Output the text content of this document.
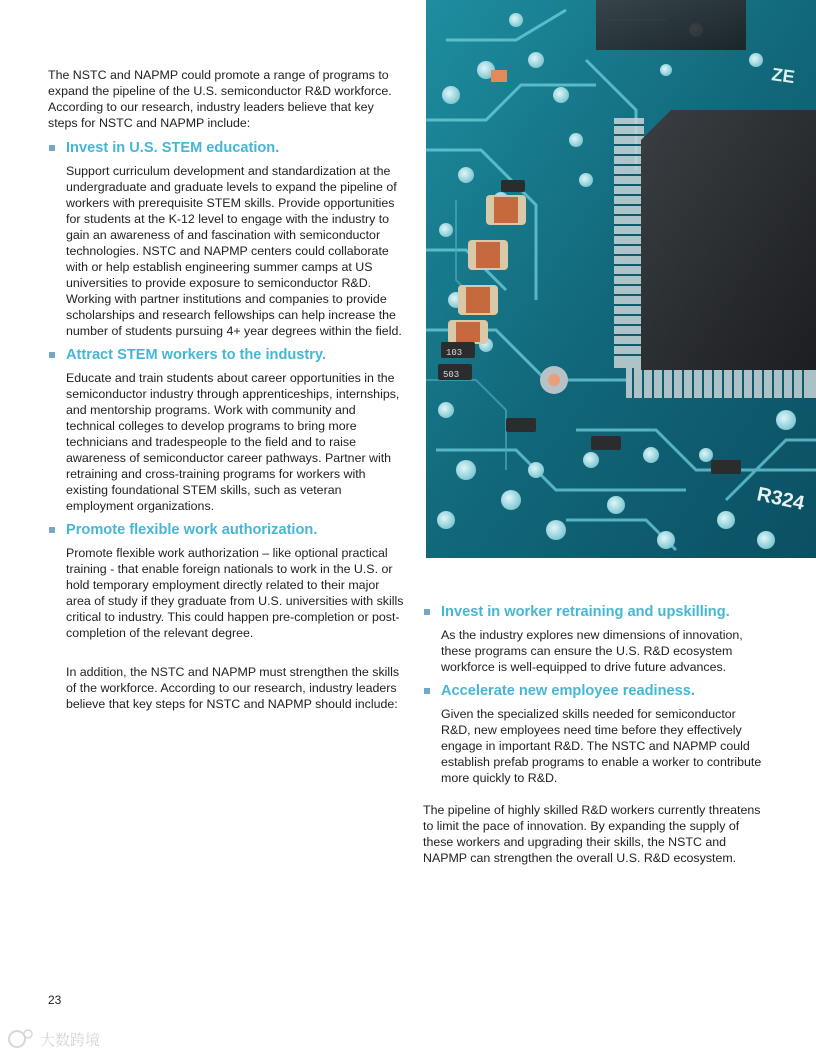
The NSTC and NAPMP could promote a range of programs to expand the pipeline of the U.S. semiconductor R&D workforce. According to our research, industry leaders believe that key steps for NSTC and NAPMP include:

Invest in U.S. STEM education.

Support curriculum development and standardization at the undergraduate and graduate levels to expand the pipeline of workers with prerequisite STEM skills. Provide opportunities for students at the K-12 level to engage with the industry to gain an awareness of and fascination with semiconductor technologies. NSTC and NAPMP centers could collaborate with or help establish engineering summer camps at US universities to provide exposure to semiconductor R&D. Working with partner institutions and companies to provide scholarships and research fellowships can help increase the number of students pursuing 4+ year degrees within the field.

Attract STEM workers to the industry.

Educate and train students about career opportunities in the semiconductor industry through apprenticeships, internships, and mentorship programs. Work with community and technical colleges to develop programs to bring more technicians and tradespeople to the field and to raise awareness of semiconductor career pathways. Partner with retraining and cross-training programs for workers with existing foundational STEM skills, such as veteran employment organizations.

Promote flexible work authorization.

Promote flexible work authorization – like optional practical training - that enable foreign nationals to work in the U.S. or hold temporary employment directly related to their major area of study if they graduate from U.S. universities with skills critical to industry. This could happen pre-completion or post-completion of the relevant degree.

In addition, the NSTC and NAPMP must strengthen the skills of the workforce. According to our research, industry leaders believe that key steps for NSTC and NAPMP should include:

ZE
103
503
R324
Invest in worker retraining and upskilling.

As the industry explores new dimensions of innovation, these programs can ensure the U.S. R&D ecosystem workforce is well-equipped to drive future advances.

Accelerate new employee readiness.

Given the specialized skills needed for semiconductor R&D, new employees need time before they effectively engage in important R&D. The NSTC and NAPMP could establish prefab programs to enable a worker to contribute more quickly to R&D.

The pipeline of highly skilled R&D workers currently threatens to limit the pace of innovation. By expanding the supply of these workers and upgrading their skills, the NSTC and NAPMP can strengthen the overall U.S. R&D ecosystem.

23
大数跨境
